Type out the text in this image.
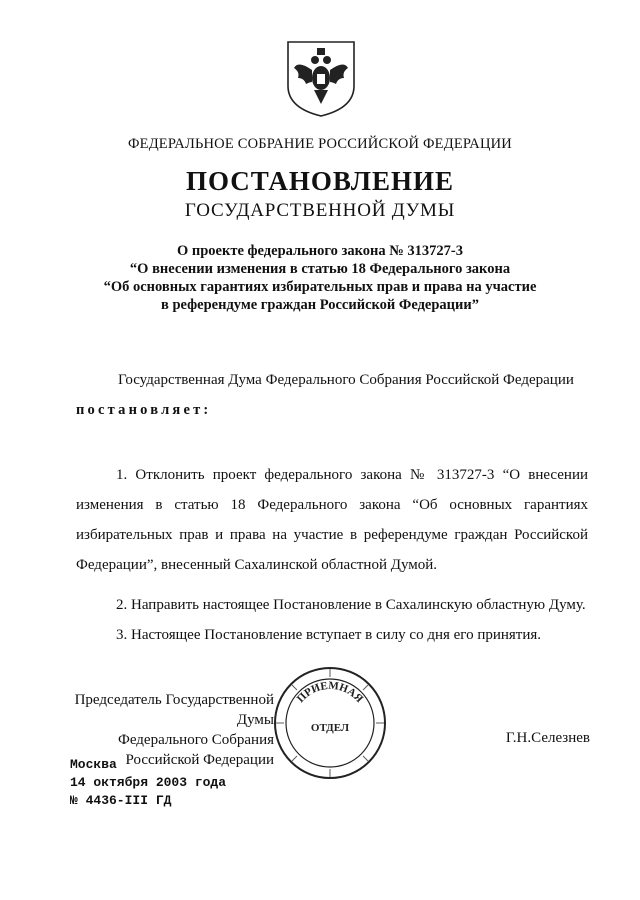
ФЕДЕРАЛЬНОЕ СОБРАНИЕ РОССИЙСКОЙ ФЕДЕРАЦИИ
ПОСТАНОВЛЕНИЕ
ГОСУДАРСТВЕННОЙ ДУМЫ
О проекте федерального закона № 313727-3
“О внесении изменения в статью 18 Федерального закона
“Об основных гарантиях избирательных прав и права на участие
в референдуме граждан Российской Федерации”
Государственная Дума Федерального Собрания Российской Федерации
постановляет:
1. Отклонить проект федерального закона № 313727-3 “О внесении изменения в статью 18 Федерального закона “Об основных гарантиях избирательных прав и права на участие в референдуме граждан Российской Федерации”, внесенный Сахалинской областной Думой.
2. Направить настоящее Постановление в Сахалинскую областную Думу.
3. Настоящее Постановление вступает в силу со дня его принятия.
Председатель Государственной Думы
Федерального Собрания
Российской Федерации
ПРИЕМНАЯ
ОТДЕЛ
Г.Н.Селезнев
Москва
14 октября 2003 года
№ 4436-III ГД
